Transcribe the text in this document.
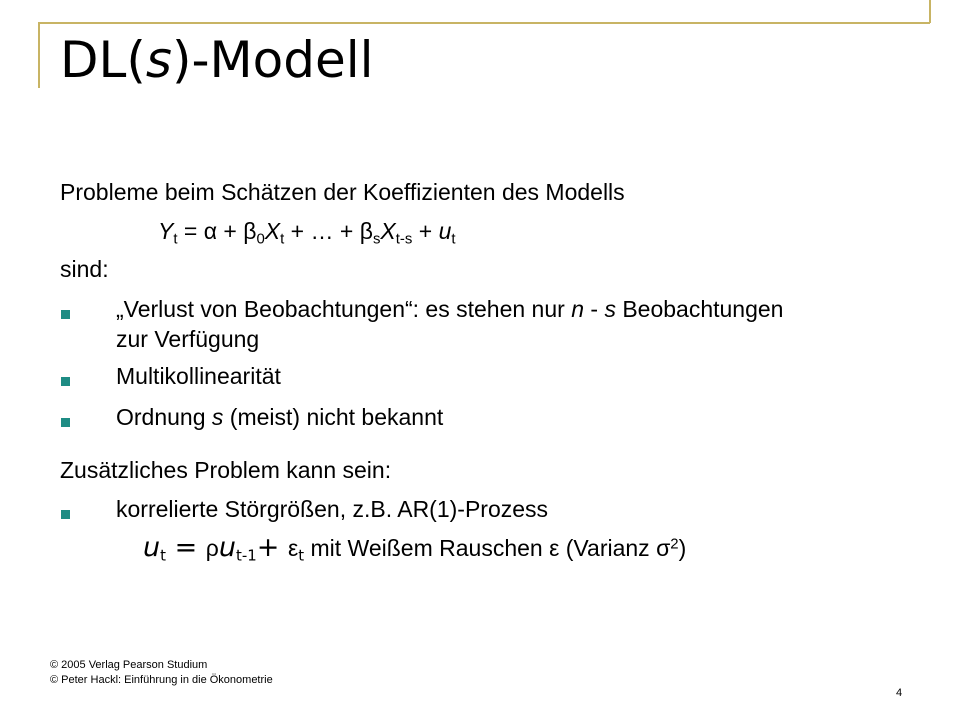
DL(s)-Modell
Probleme beim Schätzen der Koeffizienten des Modells
$Y_t = \alpha + \beta_0X_t$ + … + $\beta_sX_{t-s} + u_t$
sind:
„Verlust von Beobachtungen“: es stehen nur n - s Beobachtungen
zur Verfügung
Multikollinearität
Ordnung s (meist) nicht bekannt
Zusätzliches Problem kann sein:
korrelierte Störgrößen, z.B. AR(1)-Prozess
$u_t = \rho u_{t-1}+ \varepsilon_t$ mit Weißem Rauschen ε (Varianz $\sigma^2$)
© 2005 Verlag Pearson Studium
© Peter Hackl: Einführung in die Ökonometrie
4
